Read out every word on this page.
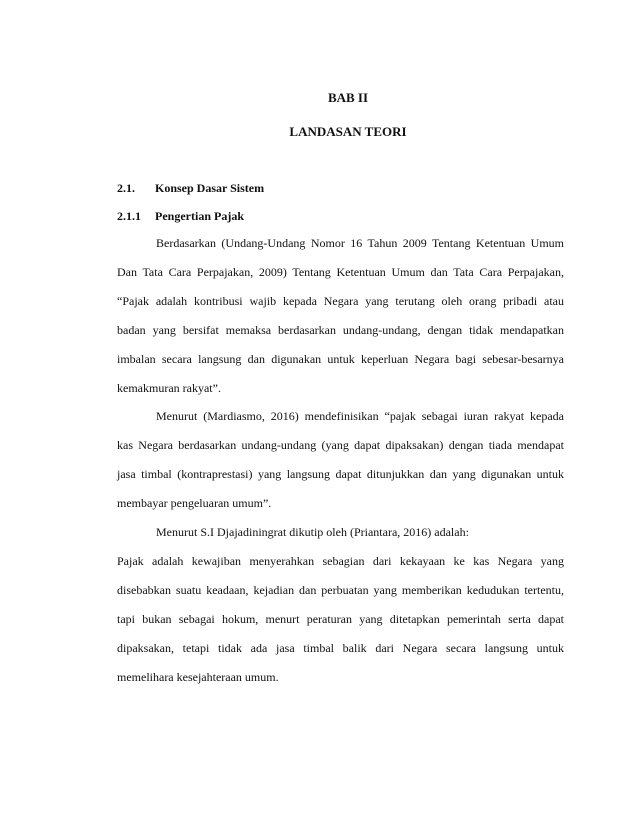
BAB II
LANDASAN TEORI
2.1. Konsep Dasar Sistem
2.1.1 Pengertian Pajak
Berdasarkan (Undang-Undang Nomor 16 Tahun 2009 Tentang Ketentuan Umum
Dan Tata Cara Perpajakan, 2009) Tentang Ketentuan Umum dan Tata Cara Perpajakan,
“Pajak adalah kontribusi wajib kepada Negara yang terutang oleh orang pribadi atau
badan yang bersifat memaksa berdasarkan undang-undang, dengan tidak mendapatkan
imbalan secara langsung dan digunakan untuk keperluan Negara bagi sebesar-besarnya
kemakmuran rakyat”.
Menurut (Mardiasmo, 2016) mendefinisikan “pajak sebagai iuran rakyat kepada
kas Negara berdasarkan undang-undang (yang dapat dipaksakan) dengan tiada mendapat
jasa timbal (kontraprestasi) yang langsung dapat ditunjukkan dan yang digunakan untuk
membayar pengeluaran umum”.
Menurut S.I Djajadiningrat dikutip oleh (Priantara, 2016) adalah:
Pajak adalah kewajiban menyerahkan sebagian dari kekayaan ke kas Negara yang
disebabkan suatu keadaan, kejadian dan perbuatan yang memberikan kedudukan tertentu,
tapi bukan sebagai hokum, menurt peraturan yang ditetapkan pemerintah serta dapat
dipaksakan, tetapi tidak ada jasa timbal balik dari Negara secara langsung untuk
memelihara kesejahteraan umum.
